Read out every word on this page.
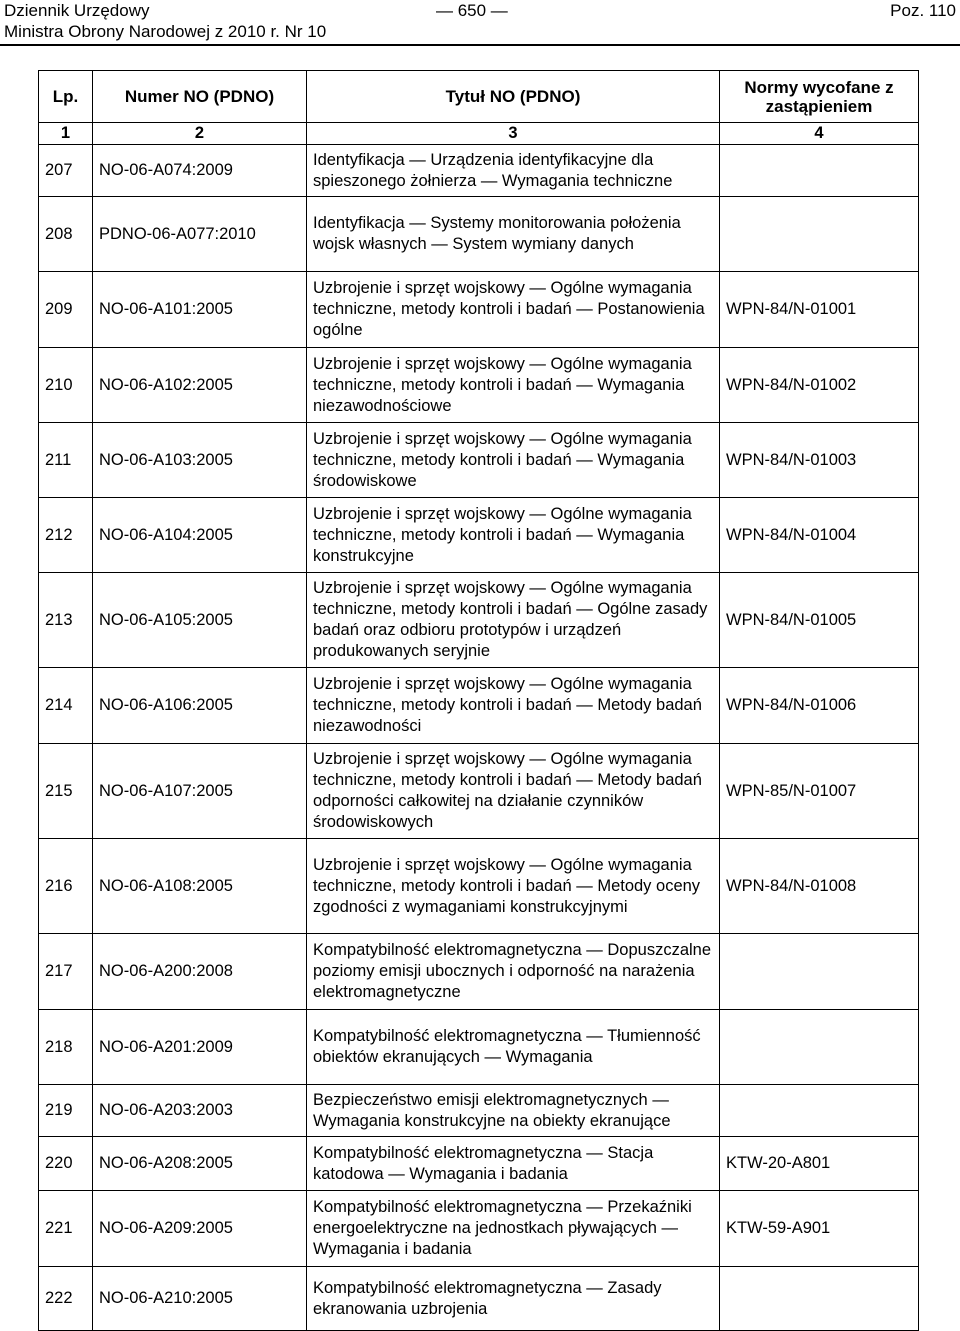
Dziennik Urzędowy	— 650 —	Poz. 110
Ministra Obrony Narodowej z 2010 r. Nr 10
Lp.	Numer NO (PDNO)	Tytuł NO (PDNO)	Normy wycofane z zastąpieniem
1	2	3	4
207	NO-06-A074:2009	Identyfikacja — Urządzenia identyfikacyjne dla spieszonego żołnierza — Wymagania techniczne	
208	PDNO-06-A077:2010	Identyfikacja — Systemy monitorowania położenia wojsk własnych — System wymiany danych	
209	NO-06-A101:2005	Uzbrojenie i sprzęt wojskowy — Ogólne wymagania techniczne, metody kontroli i badań — Postanowienia ogólne	WPN-84/N-01001
210	NO-06-A102:2005	Uzbrojenie i sprzęt wojskowy — Ogólne wymagania techniczne, metody kontroli i badań — Wymagania niezawodnościowe	WPN-84/N-01002
211	NO-06-A103:2005	Uzbrojenie i sprzęt wojskowy — Ogólne wymagania techniczne, metody kontroli i badań — Wymagania środowiskowe	WPN-84/N-01003
212	NO-06-A104:2005	Uzbrojenie i sprzęt wojskowy — Ogólne wymagania techniczne, metody kontroli i badań — Wymagania konstrukcyjne	WPN-84/N-01004
213	NO-06-A105:2005	Uzbrojenie i sprzęt wojskowy — Ogólne wymagania techniczne, metody kontroli i badań — Ogólne zasady badań oraz odbioru prototypów i urządzeń produkowanych seryjnie	WPN-84/N-01005
214	NO-06-A106:2005	Uzbrojenie i sprzęt wojskowy — Ogólne wymagania techniczne, metody kontroli i badań — Metody badań niezawodności	WPN-84/N-01006
215	NO-06-A107:2005	Uzbrojenie i sprzęt wojskowy — Ogólne wymagania techniczne, metody kontroli i badań — Metody badań odporności całkowitej na działanie czynników środowiskowych	WPN-85/N-01007
216	NO-06-A108:2005	Uzbrojenie i sprzęt wojskowy — Ogólne wymagania techniczne, metody kontroli i badań — Metody oceny zgodności z wymaganiami konstrukcyjnymi	WPN-84/N-01008
217	NO-06-A200:2008	Kompatybilność elektromagnetyczna — Dopuszczalne poziomy emisji ubocznych i odporność na narażenia elektromagnetyczne	
218	NO-06-A201:2009	Kompatybilność elektromagnetyczna — Tłumienność obiektów ekranujących — Wymagania	
219	NO-06-A203:2003	Bezpieczeństwo emisji elektromagnetycznych — Wymagania konstrukcyjne na obiekty ekranujące	
220	NO-06-A208:2005	Kompatybilność elektromagnetyczna — Stacja katodowa — Wymagania i badania	KTW-20-A801
221	NO-06-A209:2005	Kompatybilność elektromagnetyczna — Przekaźniki energoelektryczne na jednostkach pływających — Wymagania i badania	KTW-59-A901
222	NO-06-A210:2005	Kompatybilność elektromagnetyczna — Zasady ekranowania uzbrojenia	
